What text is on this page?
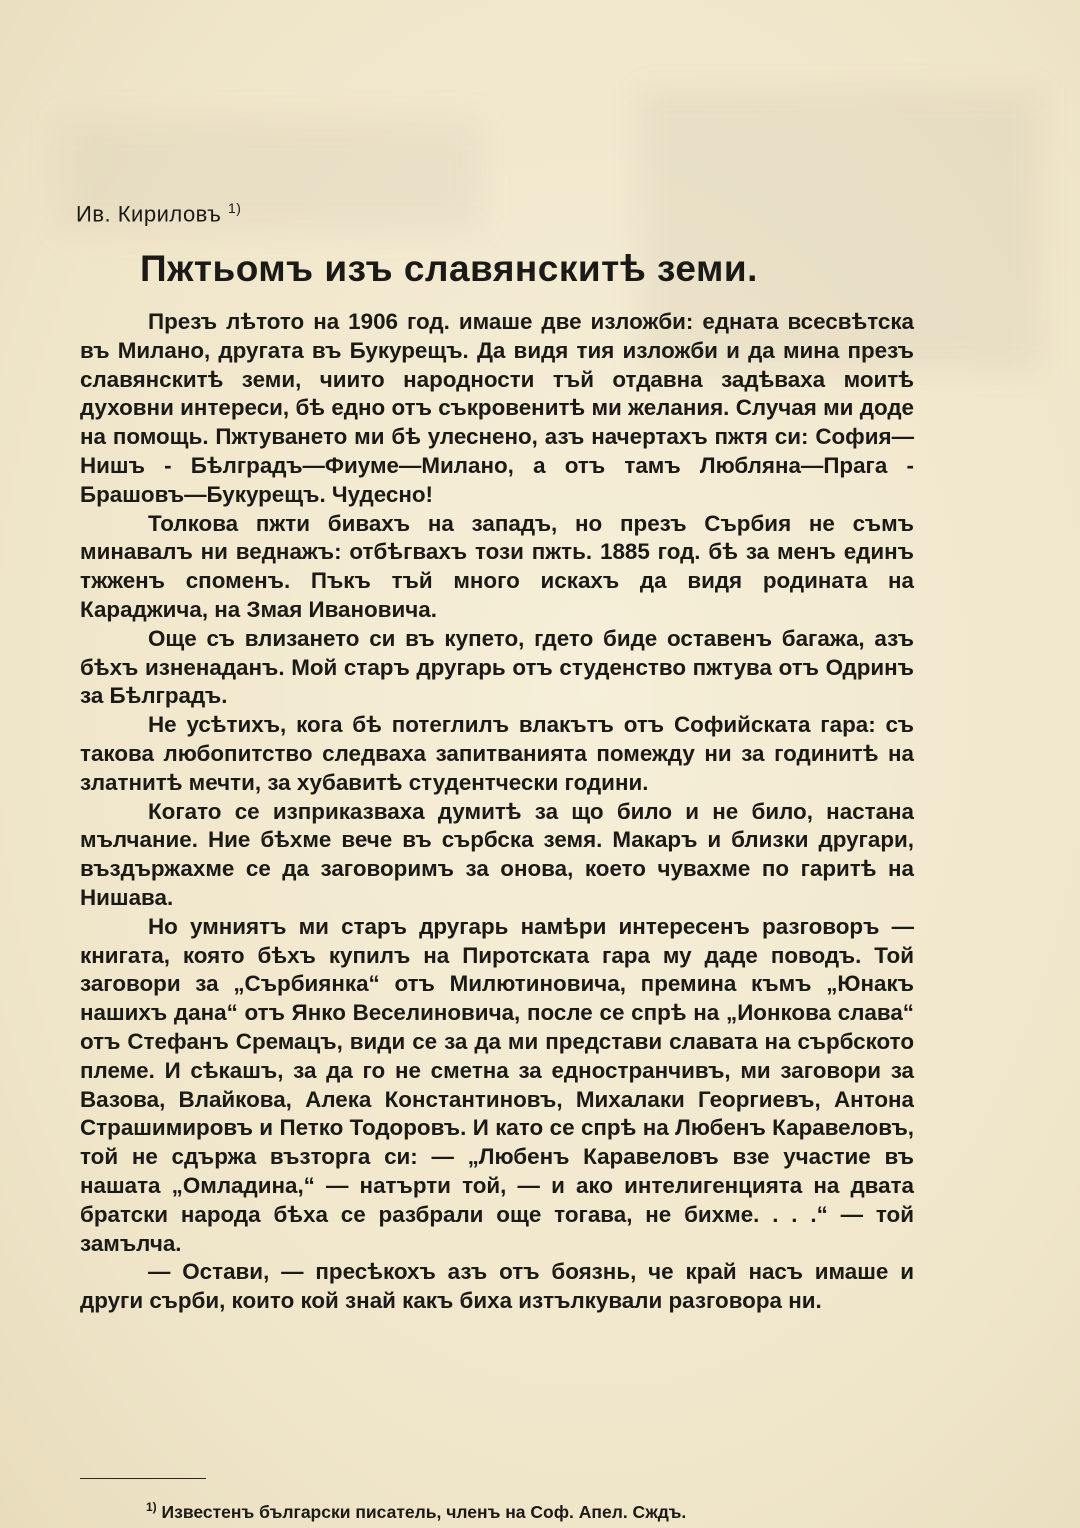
Ив. Кириловъ $^{1)}$
Пжтьомъ изъ славянскитѣ земи.

Презъ лѣтото на 1906 год. имаше две изложби: едната всесвѣтска въ Милано, другата въ Букурещъ. Да видя тия изложби и да мина презъ славянскитѣ земи, чиито народности тъй отдавна задѣваха моитѣ духовни интереси, бѣ едно отъ съкровенитѣ ми желания. Случая ми доде на помощь. Пжтуването ми бѣ улеснено, азъ начертахъ пжтя си: София—Нишъ - Бѣлградъ—Фиуме—Милано, а отъ тамъ Любляна—Прага - Брашовъ—Букурещъ. Чудесно!

Толкова пжти бивахъ на западъ, но презъ Сърбия не съмъ минавалъ ни веднажъ: отбѣгвахъ този пжть. 1885 год. бѣ за менъ единъ тжженъ споменъ. Пъкъ тъй много искахъ да видя родината на Караджича, на Змая Ивановича.

Още съ влизането си въ купето, гдето биде оставенъ багажа, азъ бѣхъ изненаданъ. Мой старъ другарь отъ студенство пжтува отъ Одринъ за Бѣлградъ.

Не усѣтихъ, кога бѣ потеглилъ влакътъ отъ Софийската гара: съ такова любопитство следваха запитванията помежду ни за годинитѣ на златнитѣ мечти, за хубавитѣ студентчески години.

Когато се изприказваха думитѣ за що било и не било, настана мълчание. Ние бѣхме вече въ сърбска земя. Макаръ и близки другари, въздържахме се да заговоримъ за онова, което чувахме по гаритѣ на Нишава.

Но умниятъ ми старъ другарь намѣри интересенъ разговоръ — книгата, която бѣхъ купилъ на Пиротската гара му даде поводъ. Той заговори за „Сърбиянка“ отъ Милютиновича, премина къмъ „Юнакъ нашихъ дана“ отъ Янко Веселиновича, после се спрѣ на „Ионкова слава“ отъ Стефанъ Cремацъ, види се за да ми представи славата на сърбското племе. И сѣкашъ, за да го не сметна за едностранчивъ, ми заговори за Вазова, Влайкова, Алека Константиновъ, Михалаки Георгиевъ, Антона Страшимировъ и Петко Тодоровъ. И като се спрѣ на Любенъ Каравеловъ, той не сдържа възторга си: — „Любенъ Каравеловъ взе участие въ нашата „Омладина,“ — натърти той, — и ако интелигенцията на двата братски народа бѣха се разбрали още тогава, не бихме. . . .“ — той замълча.

— Остави, — пресѣкохъ азъ отъ боязнь, че край насъ имаше и други сърби, които кой знай какъ биха изтълкували разговора ни.

$^{1)}$ Известенъ български писатель, членъ на Соф. Апел. Сждъ.
